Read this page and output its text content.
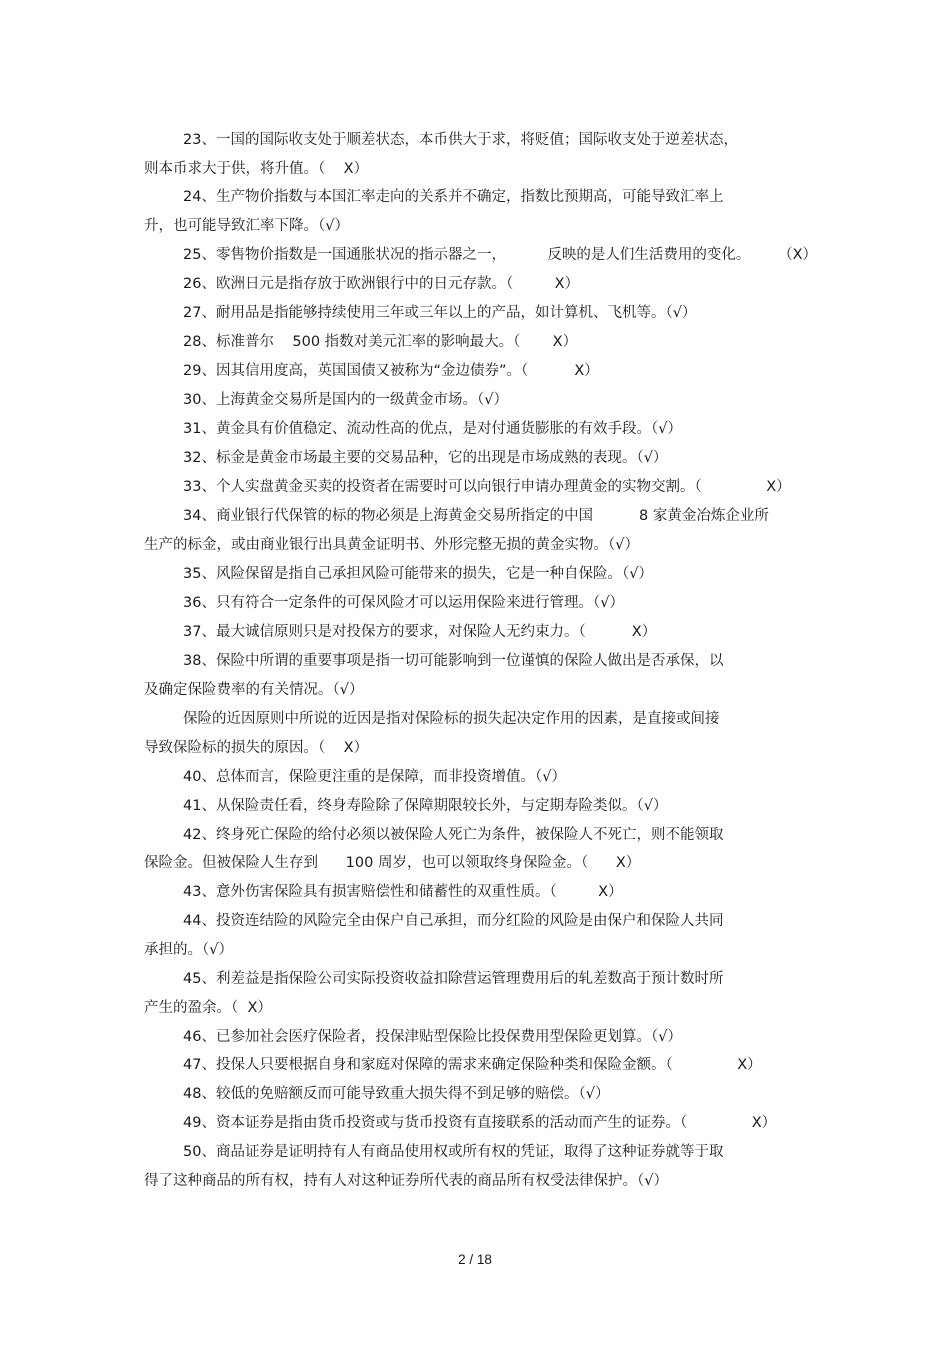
23、一国的国际收支处于顺差状态，本币供大于求，将贬值；国际收支处于逆差状态，
则本币求大于供，将升值。（    X）
24、生产物价指数与本国汇率走向的关系并不确定，指数比预期高，可能导致汇率上
升，也可能导致汇率下降。（√）
25、零售物价指数是一国通胀状况的指示器之一，         反映的是人们生活费用的变化。      （X）
26、欧洲日元是指存放于欧洲银行中的日元存款。（         X）
27、耐用品是指能够持续使用三年或三年以上的产品，如计算机、飞机等。（√）
28、标准普尔    500 指数对美元汇率的影响最大。（       X）
29、因其信用度高，英国国债又被称为“金边债券”。（          X）
30、上海黄金交易所是国内的一级黄金市场。（√）
31、黄金具有价值稳定、流动性高的优点，是对付通货膨胀的有效手段。（√）
32、标金是黄金市场最主要的交易品种，它的出现是市场成熟的表现。（√）
33、个人实盘黄金买卖的投资者在需要时可以向银行申请办理黄金的实物交割。（              X）
34、商业银行代保管的标的物必须是上海黄金交易所指定的中国          8 家黄金冶炼企业所
生产的标金，或由商业银行出具黄金证明书、外形完整无损的黄金实物。（√）
35、风险保留是指自己承担风险可能带来的损失，它是一种自保险。（√）
36、只有符合一定条件的可保风险才可以运用保险来进行管理。（√）
37、最大诚信原则只是对投保方的要求，对保险人无约束力。（          X）
38、保险中所谓的重要事项是指一切可能影响到一位谨慎的保险人做出是否承保，以
及确定保险费率的有关情况。（√）
保险的近因原则中所说的近因是指对保险标的损失起决定作用的因素，是直接或间接
导致保险标的损失的原因。（    X）
40、总体而言，保险更注重的是保障，而非投资增值。（√）
41、从保险责任看，终身寿险除了保障期限较长外，与定期寿险类似。（√）
42、终身死亡保险的给付必须以被保险人死亡为条件，被保险人不死亡，则不能领取
保险金。但被保险人生存到      100 周岁，也可以领取终身保险金。（      X）
43、意外伤害保险具有损害赔偿性和储蓄性的双重性质。（         X）
44、投资连结险的风险完全由保户自己承担，而分红险的风险是由保户和保险人共同
承担的。（√）
45、利差益是指保险公司实际投资收益扣除营运管理费用后的轧差数高于预计数时所
产生的盈余。（  X）
46、已参加社会医疗保险者，投保津贴型保险比投保费用型保险更划算。（√）
47、投保人只要根据自身和家庭对保障的需求来确定保险种类和保险金额。（              X）
48、较低的免赔额反而可能导致重大损失得不到足够的赔偿。（√）
49、资本证券是指由货币投资或与货币投资有直接联系的活动而产生的证券。（              X）
50、商品证券是证明持有人有商品使用权或所有权的凭证，取得了这种证券就等于取
得了这种商品的所有权，持有人对这种证券所代表的商品所有权受法律保护。（√）
2 / 18
